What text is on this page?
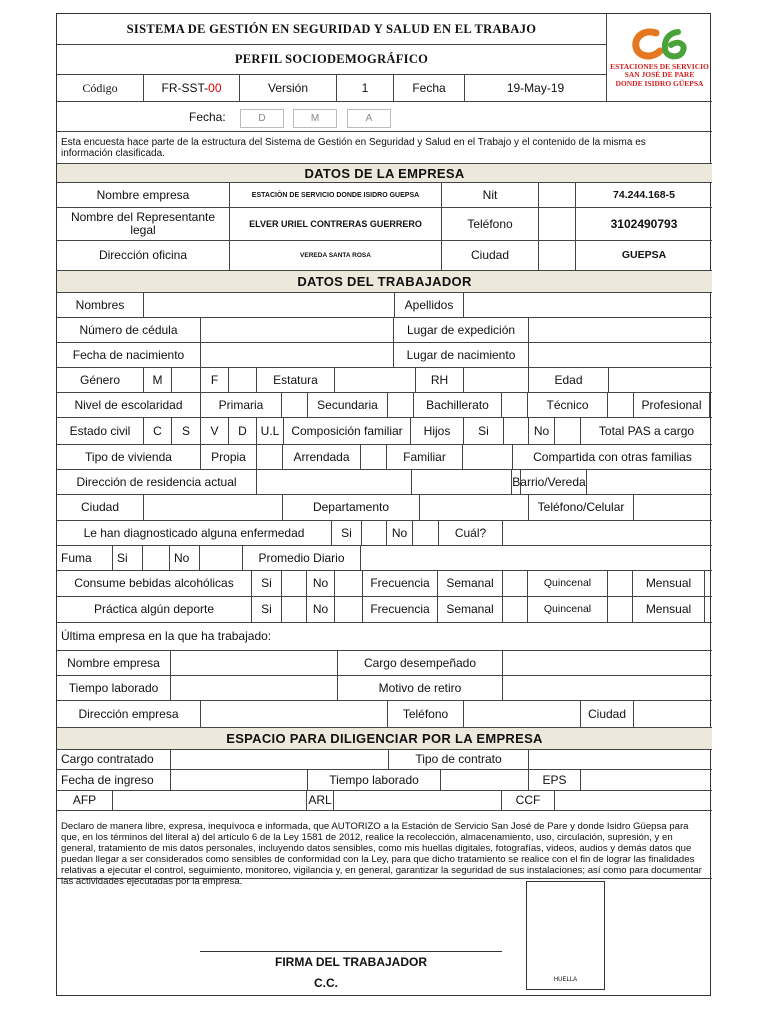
SISTEMA DE GESTIÓN EN SEGURIDAD Y SALUD EN EL TRABAJO
PERFIL SOCIODEMOGRÁFICO
Código	FR-SST- 00	Versión	1	Fecha	19-May-19
ESTACIONES DE SERVICIO
SAN JOSÉ DE PARE
DONDE ISIDRO GÜEPSA
Fecha:	D	M	A
Esta encuesta hace parte de la estructura del Sistema de Gestión en Seguridad y Salud en el Trabajo y el contenido de la misma es información clasificada.
DATOS DE LA EMPRESA
Nombre empresa	ESTACIÒN DE SERVICIO DONDE ISIDRO GUEPSA	Nit	74.244.168-5
Nombre del Representante legal	ELVER URIEL CONTRERAS GUERRERO	Teléfono	3102490793
Dirección oficina	VEREDA SANTA ROSA	Ciudad	GUEPSA
DATOS DEL TRABAJADOR
Nombres	Apellidos
Número de cédula	Lugar de expedición
Fecha de nacimiento	Lugar de nacimiento
Género	M	F	Estatura	RH	Edad
Nivel de escolaridad	Primaria	Secundaria	Bachillerato	Técnico	Profesional
Estado civil	C	S	V	D	U.L Composición familiar	Hijos	Si	No	Total PAS a cargo
Tipo de vivienda	Propia	Arrendada	Familiar	Compartida con otras familias
Dirección de residencia actual	Barrio/Vereda
Ciudad	Departamento	Teléfono/Celular
Le han diagnosticado alguna enfermedad	Si	No	Cuál?
Fuma	Si	No	Promedio Diario
Consume bebidas alcohólicas	Si	No	Frecuencia	Semanal	Quincenal	Mensual
Práctica algún deporte	Si	No	Frecuencia	Semanal	Quincenal	Mensual
Última empresa en la que ha trabajado:
Nombre empresa	Cargo desempeñado
Tiempo laborado	Motivo de retiro
Dirección empresa	Teléfono	Ciudad
ESPACIO PARA DILIGENCIAR POR LA EMPRESA
Cargo contratado	Tipo de contrato
Fecha de ingreso	Tiempo laborado	EPS
AFP	ARL	CCF
Declaro de manera libre, expresa, inequívoca e informada, que AUTORIZO a la Estación de Servicio San José de Pare y donde Isidro Güepsa para que, en los términos del literal a) del artículo 6 de la Ley 1581 de 2012, realice la recolección, almacenamiento, uso, circulación, supresión, y en general, tratamiento de mis datos personales, incluyendo datos sensibles, como mis huellas digitales, fotografías, videos, audios y demás datos que puedan llegar a ser considerados como sensibles de conformidad con la Ley, para que dicho tratamiento se realice con el fin de lograr las finalidades relativas a ejecutar el control, seguimiento, monitoreo, vigilancia y, en general, garantizar la seguridad de sus instalaciones; así como para documentar las actividades ejecutadas por la empresa.
FIRMA DEL TRABAJADOR
C.C.	HUELLA
